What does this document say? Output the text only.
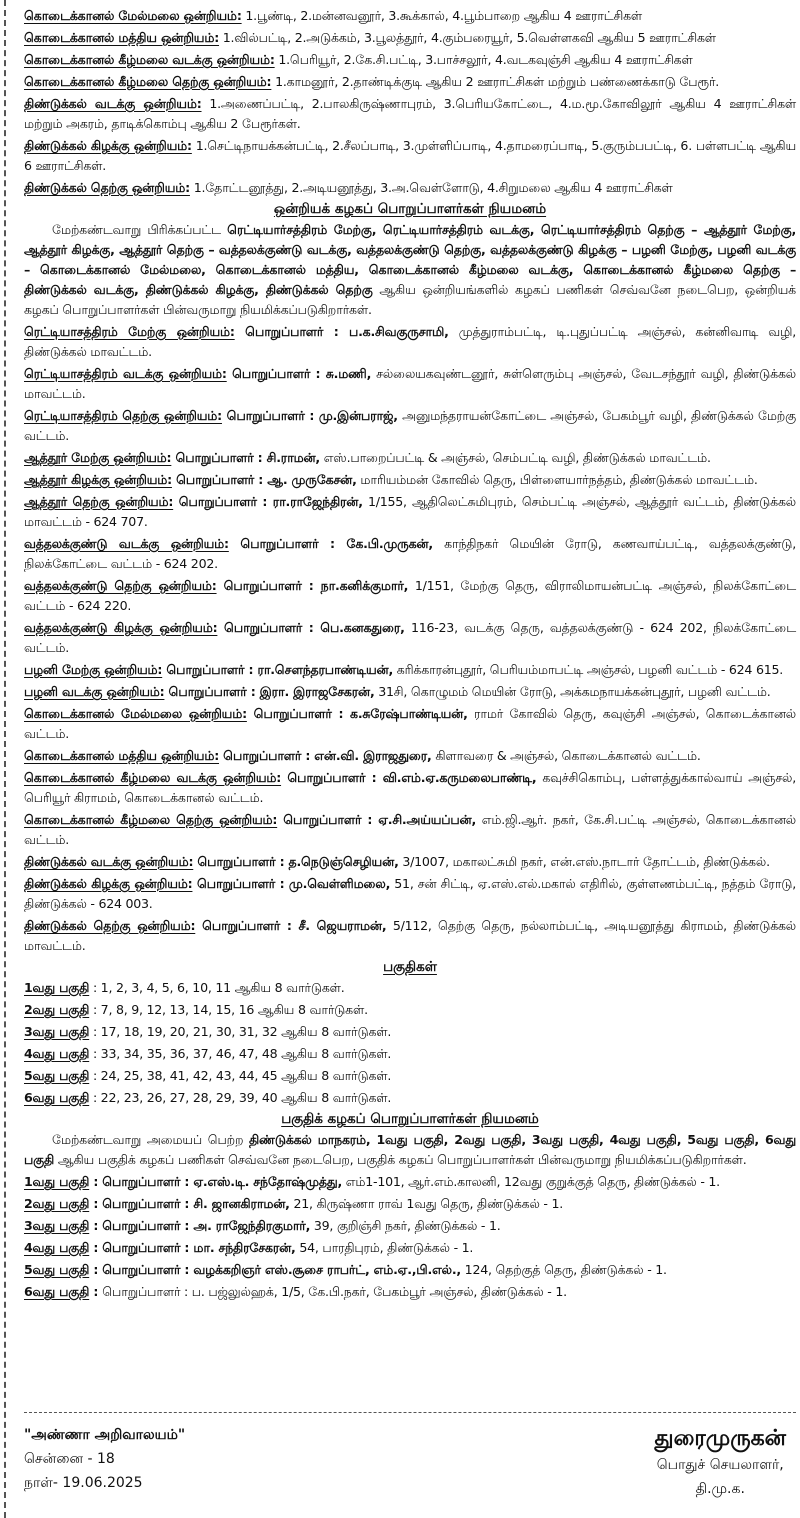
கொடைக்கானல் மேல்மலை ஒன்றியம்: 1.பூண்டி, 2.மன்னவனூர், 3.கூக்கால், 4.பூம்பாறை ஆகிய 4 ஊராட்சிகள்

கொடைக்கானல் மத்திய ஒன்றியம்: 1.வில்பட்டி, 2.அடுக்கம், 3.பூலத்தூர், 4.கும்பரையூர், 5.வெள்ளகவி ஆகிய 5 ஊராட்சிகள்

கொடைக்கானல் கீழ்மலை வடக்கு ஒன்றியம்: 1.பெரியூர், 2.கே.சி.பட்டி, 3.பாச்சலூர், 4.வடகவுஞ்சி ஆகிய 4 ஊராட்சிகள்

கொடைக்கானல் கீழ்மலை தெற்கு ஒன்றியம்: 1.காமனூர், 2.தாண்டிக்குடி ஆகிய 2 ஊராட்சிகள் மற்றும் பண்ணைக்காடு பேரூர்.

திண்டுக்கல் வடக்கு ஒன்றியம்: 1.அணைப்பட்டி, 2.பாலகிருஷ்ணாபுரம், 3.பெரியகோட்டை, 4.ம.மூ.கோவிலூர் ஆகிய 4 ஊராட்சிகள் மற்றும் அகரம், தாடிக்கொம்பு ஆகிய 2 பேரூர்கள்.

திண்டுக்கல் கிழக்கு ஒன்றியம்: 1.செட்டிநாயக்கன்பட்டி, 2.சீலப்பாடி, 3.முள்ளிப்பாடி, 4.தாமரைப்பாடி, 5.குரும்பபட்டி, 6. பள்ளபட்டி ஆகிய 6 ஊராட்சிகள்.

திண்டுக்கல் தெற்கு ஒன்றியம்: 1.தோட்டனூத்து, 2.அடியனூத்து, 3.அ.வெள்ளோடு, 4.சிறுமலை ஆகிய 4 ஊராட்சிகள்

ஒன்றியக் கழகப் பொறுப்பாளர்கள் நியமனம்

மேற்கண்டவாறு பிரிக்கப்பட்ட ரெட்டியார்சத்திரம் மேற்கு, ரெட்டியார்சத்திரம் வடக்கு, ரெட்டியார்சத்திரம் தெற்கு – ஆத்தூர் மேற்கு, ஆத்தூர் கிழக்கு, ஆத்தூர் தெற்கு – வத்தலக்குண்டு வடக்கு, வத்தலக்குண்டு தெற்கு, வத்தலக்குண்டு கிழக்கு – பழனி மேற்கு, பழனி வடக்கு – கொடைக்கானல் மேல்மலை, கொடைக்கானல் மத்திய, கொடைக்கானல் கீழ்மலை வடக்கு, கொடைக்கானல் கீழ்மலை தெற்கு – திண்டுக்கல் வடக்கு, திண்டுக்கல் கிழக்கு, திண்டுக்கல் தெற்கு ஆகிய ஒன்றியங்களில் கழகப் பணிகள் செவ்வனே நடைபெற, ஒன்றியக் கழகப் பொறுப்பாளர்கள் பின்வருமாறு நியமிக்கப்படுகிறார்கள்.

ரெட்டியாசத்திரம் மேற்கு ஒன்றியம்: பொறுப்பாளர் : ப.க.சிவகுருசாமி, முத்துராம்பட்டி, டி.புதுப்பட்டி அஞ்சல், கன்னிவாடி வழி, திண்டுக்கல் மாவட்டம்.

ரெட்டியாசத்திரம் வடக்கு ஒன்றியம்: பொறுப்பாளர் : சு.மணி, சல்லையகவுண்டனூர், சுள்ளெரும்பு அஞ்சல், வேடசந்தூர் வழி, திண்டுக்கல் மாவட்டம்.

ரெட்டியாசத்திரம் தெற்கு ஒன்றியம்: பொறுப்பாளர் : மு.இன்பராஜ், அனுமந்தராயன்கோட்டை அஞ்சல், பேகம்பூர் வழி, திண்டுக்கல் மேற்கு வட்டம்.

ஆத்தூர் மேற்கு ஒன்றியம்: பொறுப்பாளர் : சி.ராமன், எஸ்.பாறைப்பட்டி & அஞ்சல், செம்பட்டி வழி, திண்டுக்கல் மாவட்டம்.

ஆத்தூர் கிழக்கு ஒன்றியம்: பொறுப்பாளர் : ஆ. முருகேசன், மாரியம்மன் கோவில் தெரு, பிள்ளையார்நத்தம், திண்டுக்கல் மாவட்டம்.

ஆத்தூர் தெற்கு ஒன்றியம்: பொறுப்பாளர் : ரா.ராஜேந்திரன், 1/155, ஆதிலெட்சுமிபுரம், செம்பட்டி அஞ்சல், ஆத்தூர் வட்டம், திண்டுக்கல் மாவட்டம் - 624 707.

வத்தலக்குண்டு வடக்கு ஒன்றியம்: பொறுப்பாளர் : கே.பி.முருகன், காந்திநகர் மெயின் ரோடு, கணவாய்பட்டி, வத்தலக்குண்டு, நிலக்கோட்டை வட்டம் - 624 202.

வத்தலக்குண்டு தெற்கு ஒன்றியம்: பொறுப்பாளர் : நா.கனிக்குமார், 1/151, மேற்கு தெரு, விராலிமாயன்பட்டி அஞ்சல், நிலக்கோட்டை வட்டம் - 624 220.

வத்தலக்குண்டு கிழக்கு ஒன்றியம்: பொறுப்பாளர் : பெ.கனகதுரை, 116-23, வடக்கு தெரு, வத்தலக்குண்டு - 624 202, நிலக்கோட்டை வட்டம்.

பழனி மேற்கு ஒன்றியம்: பொறுப்பாளர் : ரா.சௌந்தரபாண்டியன், கரிக்காரன்புதூர், பெரியம்மாபட்டி அஞ்சல், பழனி வட்டம் - 624 615.

பழனி வடக்கு ஒன்றியம்: பொறுப்பாளர் : இரா. இராஜசேகரன், 31சி, கொழுமம் மெயின் ரோடு, அக்கமநாயக்கன்புதூர், பழனி வட்டம்.

கொடைக்கானல் மேல்மலை ஒன்றியம்: பொறுப்பாளர் : க.சுரேஷ்பாண்டியன், ராமர் கோவில் தெரு, கவுஞ்சி அஞ்சல், கொடைக்கானல் வட்டம்.

கொடைக்கானல் மத்திய ஒன்றியம்: பொறுப்பாளர் : என்.வி. இராஜதுரை, கிளாவரை & அஞ்சல், கொடைக்கானல் வட்டம்.

கொடைக்கானல் கீழ்மலை வடக்கு ஒன்றியம்: பொறுப்பாளர் : வி.எம்.ஏ.கருமலைபாண்டி, கவுச்சிகொம்பு, பள்ளத்துக்கால்வாய் அஞ்சல், பெரியூர் கிராமம், கொடைக்கானல் வட்டம்.

கொடைக்கானல் கீழ்மலை தெற்கு ஒன்றியம்: பொறுப்பாளர் : ஏ.சி.அய்யப்பன், எம்.ஜி.ஆர். நகர், கே.சி.பட்டி அஞ்சல், கொடைக்கானல் வட்டம்.

திண்டுக்கல் வடக்கு ஒன்றியம்: பொறுப்பாளர் : த.நெடுஞ்செழியன், 3/1007, மகாலட்சுமி நகர், என்.எஸ்.நாடார் தோட்டம், திண்டுக்கல்.

திண்டுக்கல் கிழக்கு ஒன்றியம்: பொறுப்பாளர் : மு.வெள்ளிமலை, 51, சன் சிட்டி, ஏ.எஸ்.எல்.மகால் எதிரில், குள்ளணம்பட்டி, நத்தம் ரோடு, திண்டுக்கல் - 624 003.

திண்டுக்கல் தெற்கு ஒன்றியம்: பொறுப்பாளர் : சீ. ஜெயராமன், 5/112, தெற்கு தெரு, நல்லாம்பட்டி, அடியனூத்து கிராமம், திண்டுக்கல் மாவட்டம்.

பகுதிகள்

1வது பகுதி : 1, 2, 3, 4, 5, 6, 10, 11 ஆகிய 8 வார்டுகள்.

2வது பகுதி : 7, 8, 9, 12, 13, 14, 15, 16 ஆகிய 8 வார்டுகள்.

3வது பகுதி : 17, 18, 19, 20, 21, 30, 31, 32 ஆகிய 8 வார்டுகள்.

4வது பகுதி : 33, 34, 35, 36, 37, 46, 47, 48 ஆகிய 8 வார்டுகள்.

5வது பகுதி : 24, 25, 38, 41, 42, 43, 44, 45 ஆகிய 8 வார்டுகள்.

6வது பகுதி : 22, 23, 26, 27, 28, 29, 39, 40 ஆகிய 8 வார்டுகள்.

பகுதிக் கழகப் பொறுப்பாளர்கள் நியமனம்

மேற்கண்டவாறு அமையப் பெற்ற திண்டுக்கல் மாநகரம், 1வது பகுதி, 2வது பகுதி, 3வது பகுதி, 4வது பகுதி, 5வது பகுதி, 6வது பகுதி ஆகிய பகுதிக் கழகப் பணிகள் செவ்வனே நடைபெற, பகுதிக் கழகப் பொறுப்பாளர்கள் பின்வருமாறு நியமிக்கப்படுகிறார்கள்.

1வது பகுதி : பொறுப்பாளர் : ஏ.எஸ்.டி. சந்தோஷ்முத்து, எம்1-101, ஆர்.எம்.காலனி, 12வது குறுக்குத் தெரு, திண்டுக்கல் - 1.

2வது பகுதி : பொறுப்பாளர் : சி. ஜானகிராமன், 21, கிருஷ்ணா ராவ் 1வது தெரு, திண்டுக்கல் - 1.

3வது பகுதி : பொறுப்பாளர் : அ. ராஜேந்திரகுமார், 39, குறிஞ்சி நகர், திண்டுக்கல் - 1.

4வது பகுதி : பொறுப்பாளர் : மா. சந்திரசேகரன், 54, பாரதிபுரம், திண்டுக்கல் - 1.

5வது பகுதி : பொறுப்பாளர் : வழக்கறிஞர் எஸ்.சூசை ராபர்ட், எம்.ஏ.,பி.எல்., 124, தெற்குத் தெரு, திண்டுக்கல் - 1.

6வது பகுதி : பொறுப்பாளர் : ப. பஜ்லுல்ஹக், 1/5, கே.பி.நகர், பேகம்பூர் அஞ்சல், திண்டுக்கல் - 1.

"அண்ணா அறிவாலயம்"
சென்னை - 18
நாள்- 19.06.2025
துரைமுருகன்
பொதுச் செயலாளர்,
தி.மு.க.
